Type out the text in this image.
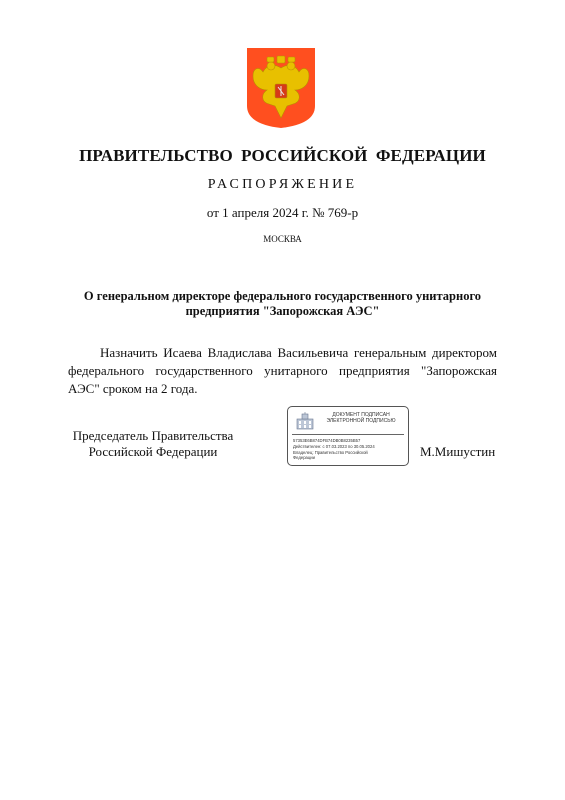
ПРАВИТЕЛЬСТВО РОССИЙСКОЙ ФЕДЕРАЦИИ
РАСПОРЯЖЕНИЕ
от 1 апреля 2024 г. № 769-р
МОСКВА
О генеральном директоре федерального государственного унитарного
предприятия "Запорожская АЭС"
Назначить Исаева Владислава Васильевича генеральным директором федерального государственного унитарного предприятия "Запорожская АЭС" сроком на 2 года.
Председатель Правительства
Российской Федерации
ДОКУМЕНТ ПОДПИСАН
ЭЛЕКТРОННОЙ ПОДПИСЬЮ
57353E6B874DFB74DB0B8235B57
Действителен: с 07.03.2023 по 30.05.2024
Владелец: Правительство Российской
Федерации	М.Мишустин
